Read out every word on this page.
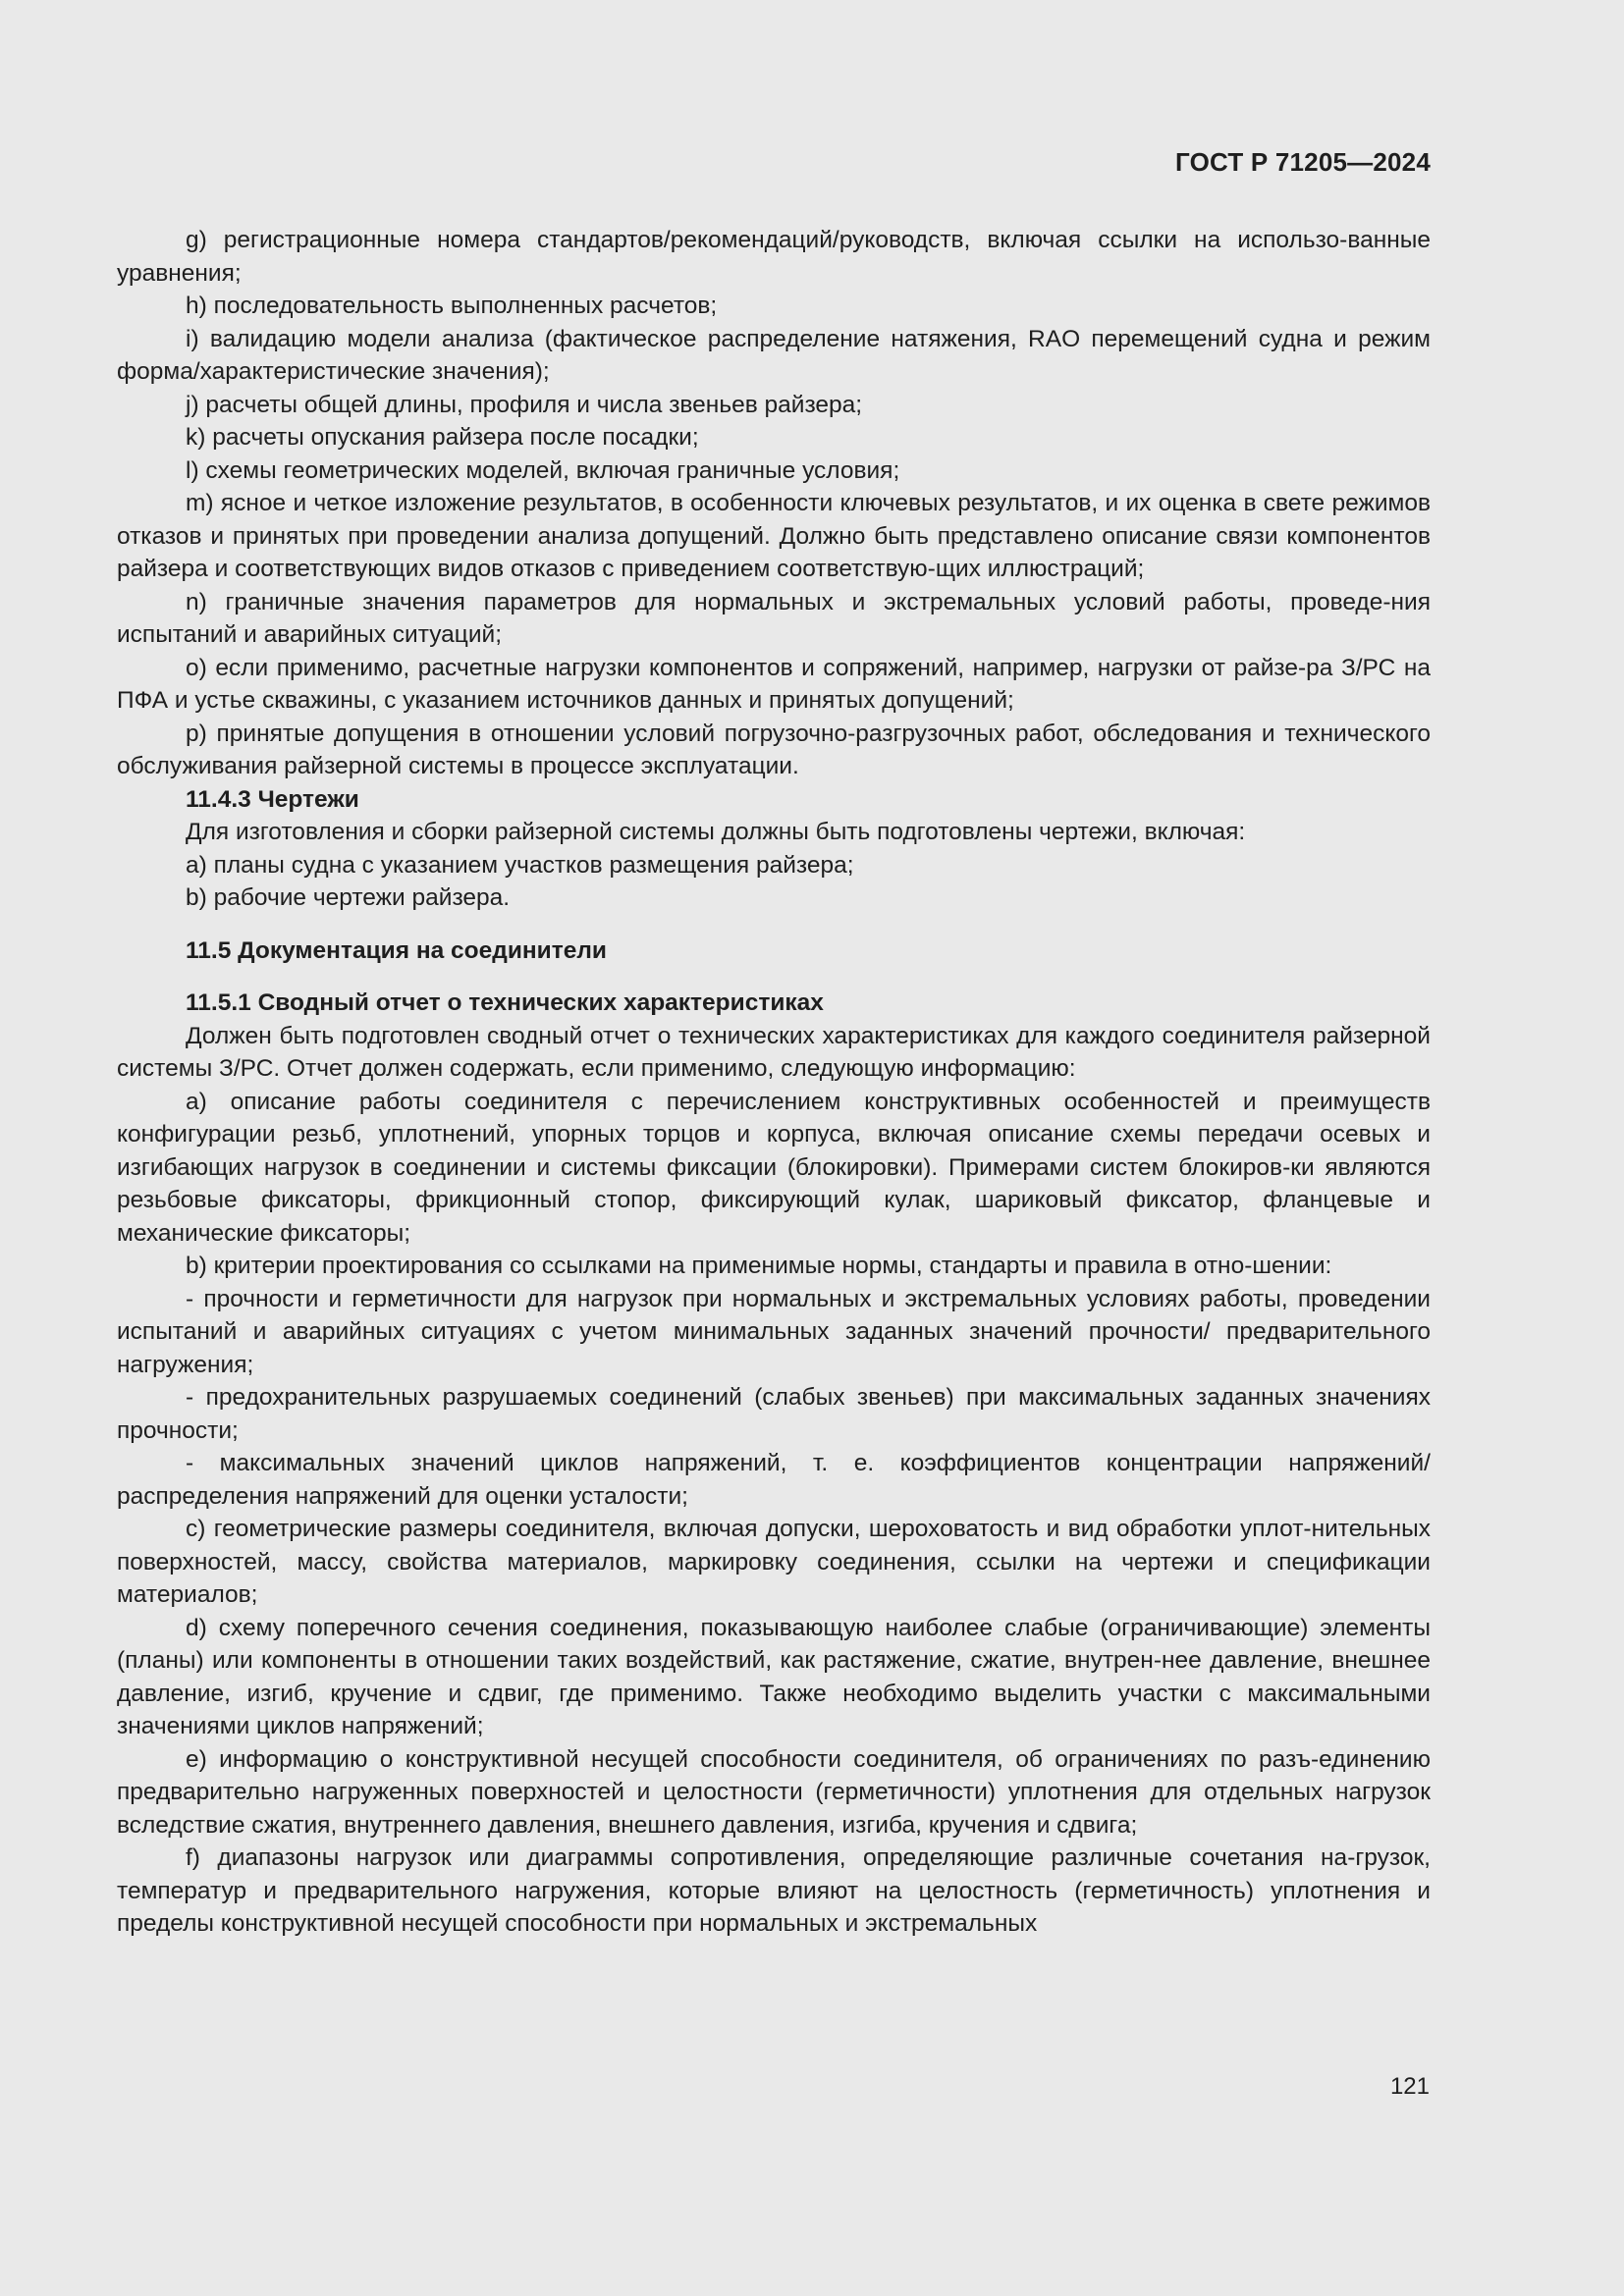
ГОСТ Р 71205—2024

g) регистрационные номера стандартов/рекомендаций/руководств, включая ссылки на использо-ванные уравнения;

h) последовательность выполненных расчетов;

i) валидацию модели анализа (фактическое распределение натяжения, RAO перемещений судна и режим форма/характеристические значения);

j) расчеты общей длины, профиля и числа звеньев райзера;

k) расчеты опускания райзера после посадки;

l) схемы геометрических моделей, включая граничные условия;

m) ясное и четкое изложение результатов, в особенности ключевых результатов, и их оценка в свете режимов отказов и принятых при проведении анализа допущений. Должно быть представлено описание связи компонентов райзера и соответствующих видов отказов с приведением соответствую-щих иллюстраций;

n) граничные значения параметров для нормальных и экстремальных условий работы, проведе-ния испытаний и аварийных ситуаций;

o) если применимо, расчетные нагрузки компонентов и сопряжений, например, нагрузки от райзе-ра З/РС на ПФА и устье скважины, с указанием источников данных и принятых допущений;

p) принятые допущения в отношении условий погрузочно-разгрузочных работ, обследования и технического обслуживания райзерной системы в процессе эксплуатации.

11.4.3 Чертежи

Для изготовления и сборки райзерной системы должны быть подготовлены чертежи, включая:

a) планы судна с указанием участков размещения райзера;

b) рабочие чертежи райзера.

11.5 Документация на соединители

11.5.1 Сводный отчет о технических характеристиках

Должен быть подготовлен сводный отчет о технических характеристиках для каждого соединителя райзерной системы З/РС. Отчет должен содержать, если применимо, следующую информацию:

a) описание работы соединителя с перечислением конструктивных особенностей и преимуществ конфигурации резьб, уплотнений, упорных торцов и корпуса, включая описание схемы передачи осевых и изгибающих нагрузок в соединении и системы фиксации (блокировки). Примерами систем блокиров-ки являются резьбовые фиксаторы, фрикционный стопор, фиксирующий кулак, шариковый фиксатор, фланцевые и механические фиксаторы;

b) критерии проектирования со ссылками на применимые нормы, стандарты и правила в отно-шении:

- прочности и герметичности для нагрузок при нормальных и экстремальных условиях работы, проведении испытаний и аварийных ситуациях с учетом минимальных заданных значений прочности/ предварительного нагружения;

- предохранительных разрушаемых соединений (слабых звеньев) при максимальных заданных значениях прочности;

- максимальных значений циклов напряжений, т. е. коэффициентов концентрации напряжений/ распределения напряжений для оценки усталости;

c) геометрические размеры соединителя, включая допуски, шероховатость и вид обработки уплот-нительных поверхностей, массу, свойства материалов, маркировку соединения, ссылки на чертежи и спецификации материалов;

d) схему поперечного сечения соединения, показывающую наиболее слабые (ограничивающие) элементы (планы) или компоненты в отношении таких воздействий, как растяжение, сжатие, внутрен-нее давление, внешнее давление, изгиб, кручение и сдвиг, где применимо. Также необходимо выделить участки с максимальными значениями циклов напряжений;

e) информацию о конструктивной несущей способности соединителя, об ограничениях по разъ-единению предварительно нагруженных поверхностей и целостности (герметичности) уплотнения для отдельных нагрузок вследствие сжатия, внутреннего давления, внешнего давления, изгиба, кручения и сдвига;

f) диапазоны нагрузок или диаграммы сопротивления, определяющие различные сочетания на-грузок, температур и предварительного нагружения, которые влияют на целостность (герметичность) уплотнения и пределы конструктивной несущей способности при нормальных и экстремальных

121
